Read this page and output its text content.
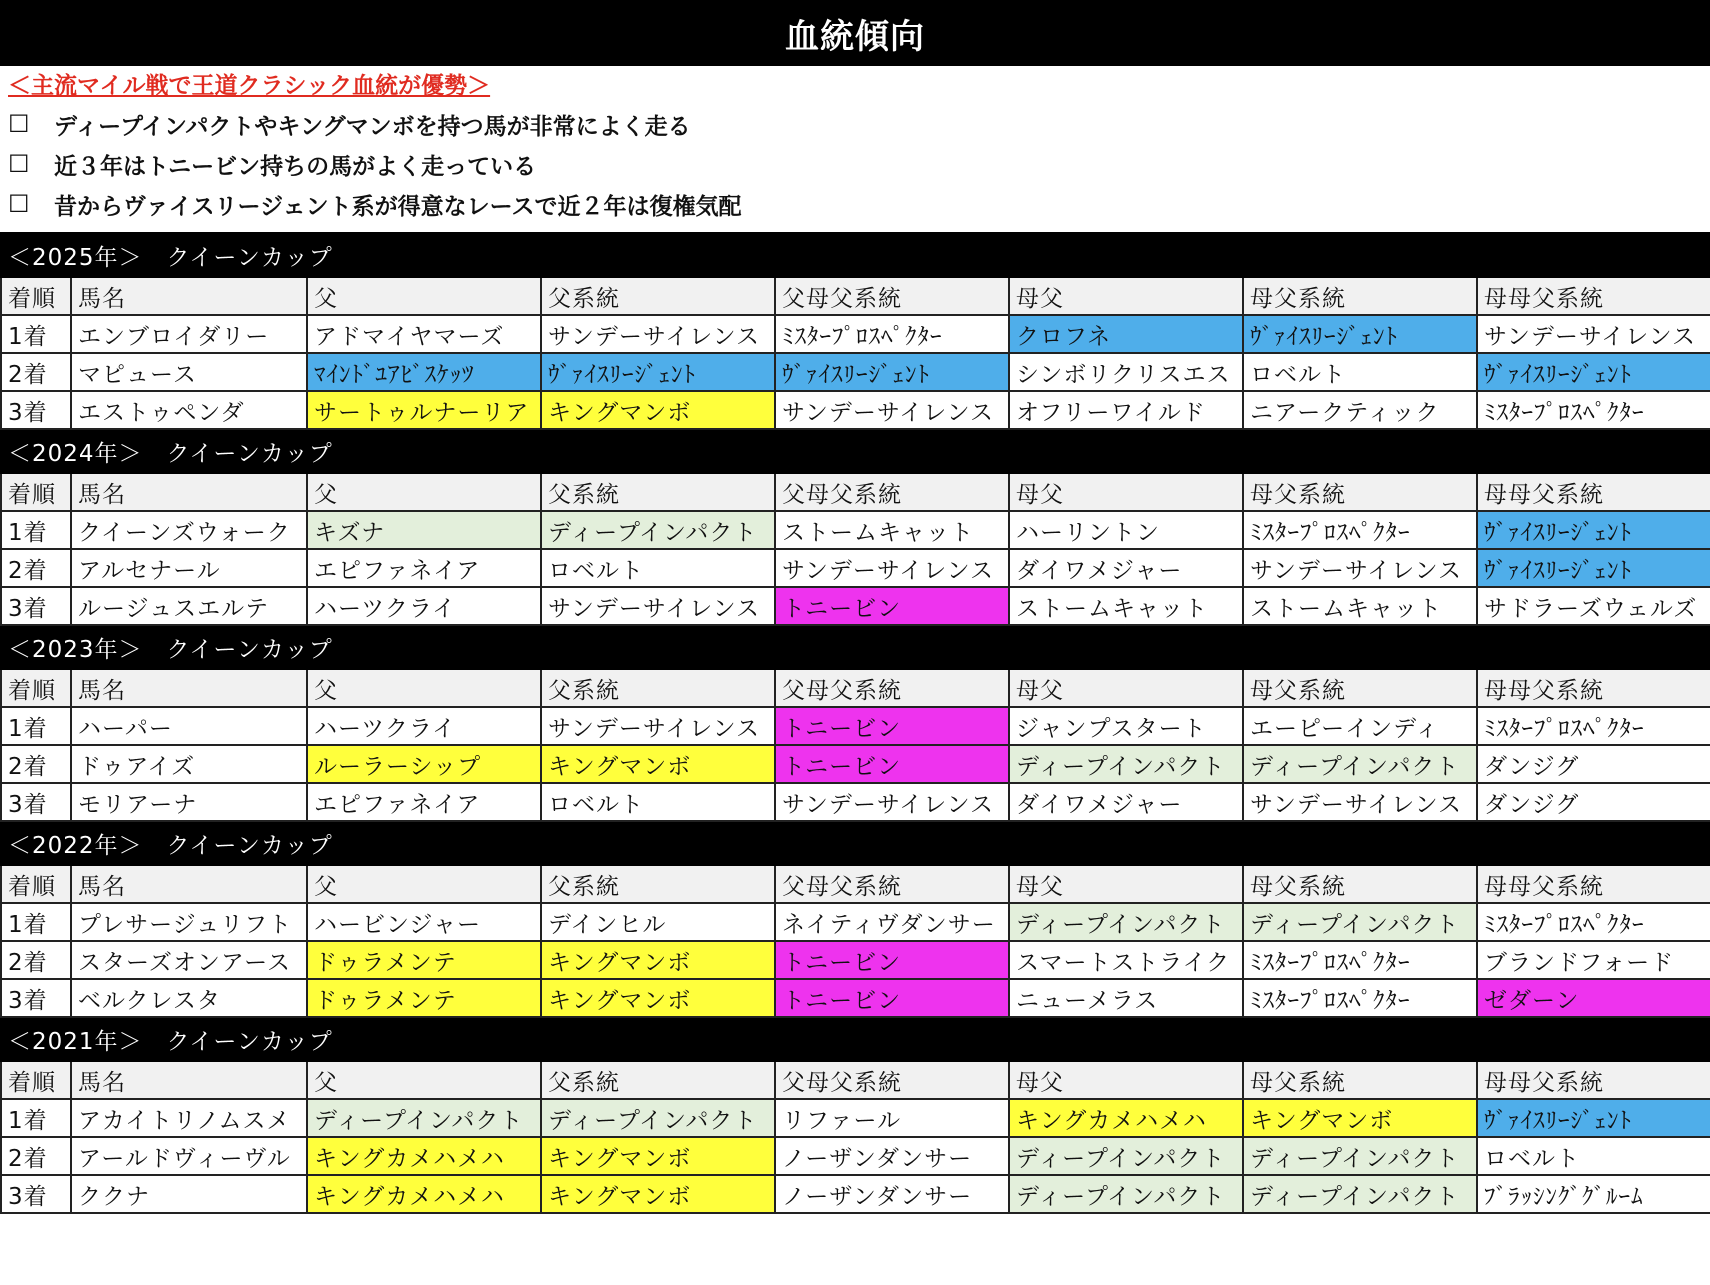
血統傾向
＜主流マイル戦で王道クラシック血統が優勢＞
☐	ディープインパクトやキングマンボを持つ馬が非常によく走る
☐	近３年はトニービン持ちの馬がよく走っている
☐	昔からヴァイスリージェント系が得意なレースで近２年は復権気配
＜2025年＞　クイーンカップ							
着順	馬名	父	父系統	父母父系統	母父	母父系統	母母父系統
1着	エンブロイダリー	アドマイヤマーズ	サンデーサイレンス	ﾐｽﾀｰﾌﾟﾛｽﾍﾟｸﾀｰ	クロフネ	ｳﾞｧｲｽﾘｰｼﾞｪﾝﾄ	サンデーサイレンス
2着	マピュース	ﾏｲﾝﾄﾞﾕｱﾋﾞｽｹｯﾂ	ｳﾞｧｲｽﾘｰｼﾞｪﾝﾄ	ｳﾞｧｲｽﾘｰｼﾞｪﾝﾄ	シンボリクリスエス	ロベルト	ｳﾞｧｲｽﾘｰｼﾞｪﾝﾄ
3着	エストゥペンダ	サートゥルナーリア	キングマンボ	サンデーサイレンス	オフリーワイルド	ニアークティック	ﾐｽﾀｰﾌﾟﾛｽﾍﾟｸﾀｰ
＜2024年＞　クイーンカップ							
着順	馬名	父	父系統	父母父系統	母父	母父系統	母母父系統
1着	クイーンズウォーク	キズナ	ディープインパクト	ストームキャット	ハーリントン	ﾐｽﾀｰﾌﾟﾛｽﾍﾟｸﾀｰ	ｳﾞｧｲｽﾘｰｼﾞｪﾝﾄ
2着	アルセナール	エピファネイア	ロベルト	サンデーサイレンス	ダイワメジャー	サンデーサイレンス	ｳﾞｧｲｽﾘｰｼﾞｪﾝﾄ
3着	ルージュスエルテ	ハーツクライ	サンデーサイレンス	トニービン	ストームキャット	ストームキャット	サドラーズウェルズ
＜2023年＞　クイーンカップ							
着順	馬名	父	父系統	父母父系統	母父	母父系統	母母父系統
1着	ハーパー	ハーツクライ	サンデーサイレンス	トニービン	ジャンプスタート	エーピーインディ	ﾐｽﾀｰﾌﾟﾛｽﾍﾟｸﾀｰ
2着	ドゥアイズ	ルーラーシップ	キングマンボ	トニービン	ディープインパクト	ディープインパクト	ダンジグ
3着	モリアーナ	エピファネイア	ロベルト	サンデーサイレンス	ダイワメジャー	サンデーサイレンス	ダンジグ
＜2022年＞　クイーンカップ							
着順	馬名	父	父系統	父母父系統	母父	母父系統	母母父系統
1着	プレサージュリフト	ハービンジャー	デインヒル	ネイティヴダンサー	ディープインパクト	ディープインパクト	ﾐｽﾀｰﾌﾟﾛｽﾍﾟｸﾀｰ
2着	スターズオンアース	ドゥラメンテ	キングマンボ	トニービン	スマートストライク	ﾐｽﾀｰﾌﾟﾛｽﾍﾟｸﾀｰ	ブランドフォード
3着	ベルクレスタ	ドゥラメンテ	キングマンボ	トニービン	ニューメラス	ﾐｽﾀｰﾌﾟﾛｽﾍﾟｸﾀｰ	ゼダーン
＜2021年＞　クイーンカップ							
着順	馬名	父	父系統	父母父系統	母父	母父系統	母母父系統
1着	アカイトリノムスメ	ディープインパクト	ディープインパクト	リファール	キングカメハメハ	キングマンボ	ｳﾞｧｲｽﾘｰｼﾞｪﾝﾄ
2着	アールドヴィーヴル	キングカメハメハ	キングマンボ	ノーザンダンサー	ディープインパクト	ディープインパクト	ロベルト
3着	ククナ	キングカメハメハ	キングマンボ	ノーザンダンサー	ディープインパクト	ディープインパクト	ﾌﾞﾗｯｼﾝｸﾞｸﾞﾙｰﾑ
